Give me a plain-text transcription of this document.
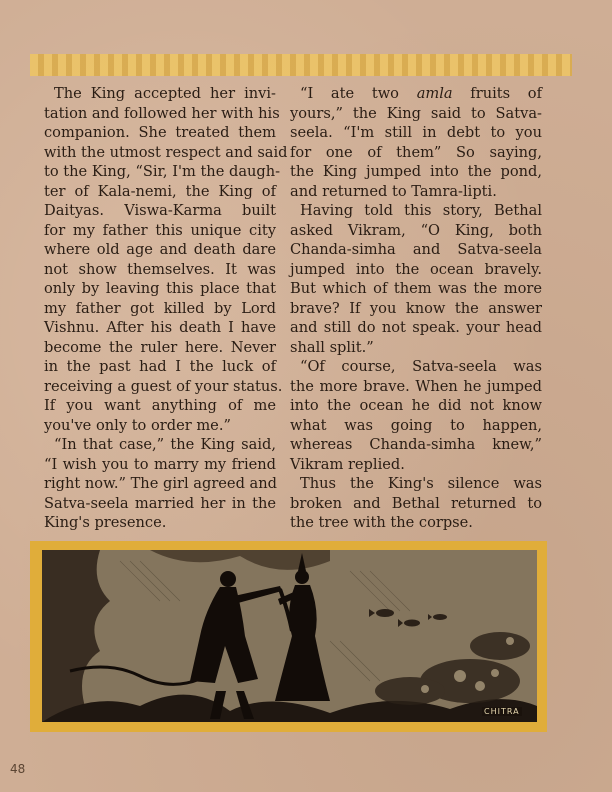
The King accepted her invi-
tation and followed her with his
companion. She treated them
with the utmost respect and said
to the King, “Sir, I'm the daugh-
ter of Kala-nemi, the King of
Daityas. Viswa-Karma built
for my father this unique city
where old age and death dare
not show themselves. It was
only by leaving this place that
my father got killed by Lord
Vishnu. After his death I have
become the ruler here. Never
in the past had I the luck of
receiving a guest of your status.
If you want anything of me
you've only to order me.”
“In that case,” the King said,
“I wish you to marry my friend
right now.” The girl agreed and
Satva-seela married her in the
King's presence.
“I ate two amla fruits of
yours,” the King said to Satva-
seela. “I'm still in debt to you
for one of them” So saying,
the King jumped into the pond,
and returned to Tamra-lipti.
Having told this story, Bethal
asked Vikram, “O King, both
Chanda-simha and Satva-seela
jumped into the ocean bravely.
But which of them was the more
brave? If you know the answer
and still do not speak. your head
shall split.”
“Of course, Satva-seela was
the more brave. When he jumped
into the ocean he did not know
what was going to happen,
whereas Chanda-simha knew,”
Vikram replied.
Thus the King's silence was
broken and Bethal returned to
the tree with the corpse.
CHITRA
48
